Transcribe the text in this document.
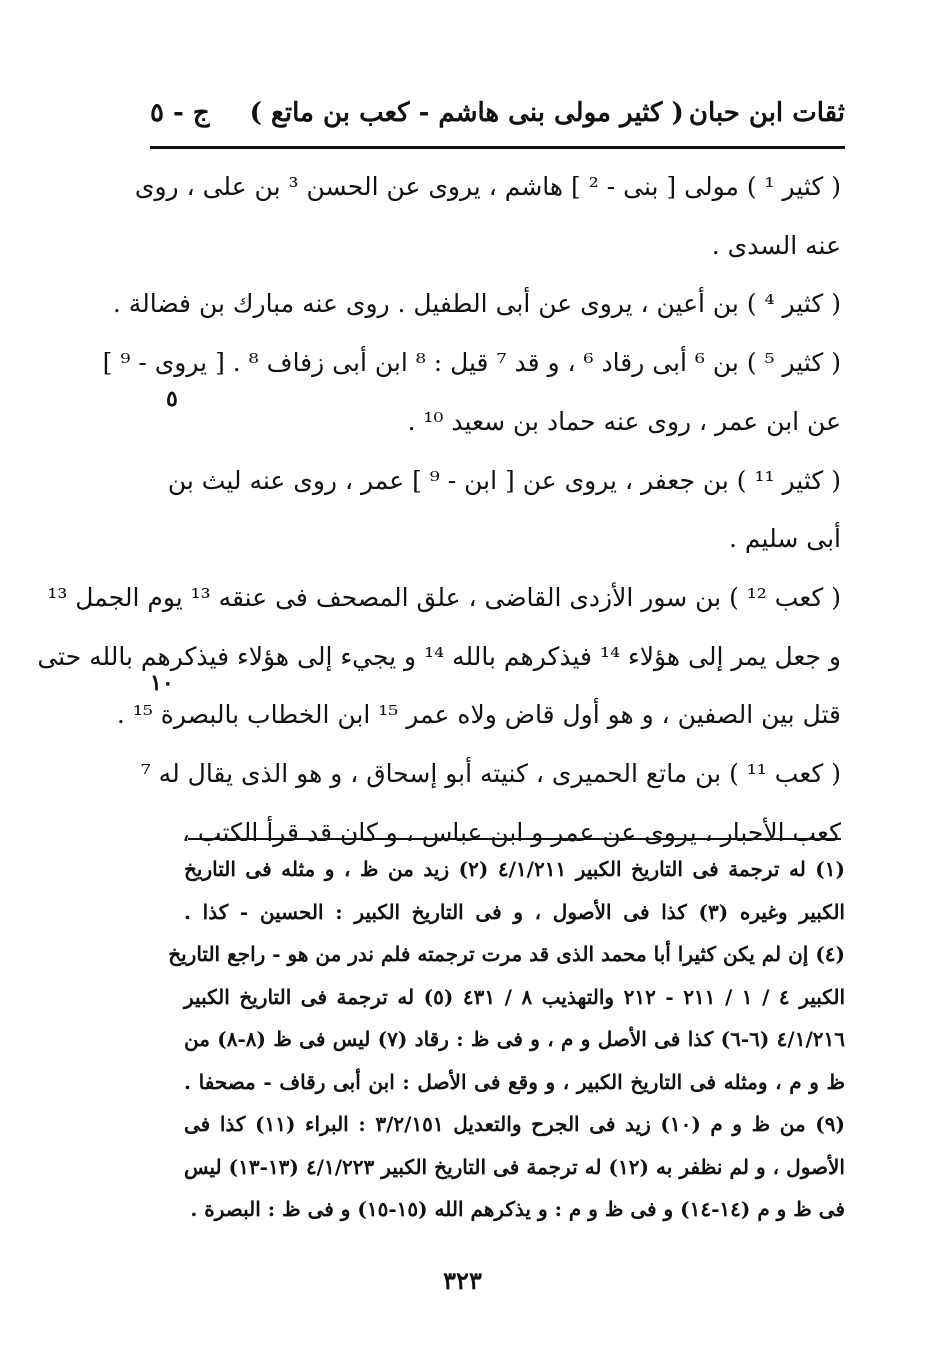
ثقات ابن حبان
( كثير مولى بنى هاشم - كعب بن ماتع )
ج - ٥
( كثير ¹ ) مولى [ بنى - ² ] هاشم ، يروى عن الحسن ³ بن على ، روى
عنه السدى .
( كثير ⁴ ) بن أعين ، يروى عن أبى الطفيل . روى عنه مبارك بن فضالة .
( كثير ⁵ ) بن ⁶ أبى رقاد ⁶ ، و قد ⁷ قيل : ⁸ ابن أبى زفاف ⁸ . [ يروى - ⁹ ]
عن ابن عمر ، روى عنه حماد بن سعيد ¹⁰ .
( كثير ¹¹ ) بن جعفر ، يروى عن [ ابن - ⁹ ] عمر ، روى عنه ليث بن
أبى سليم .
( كعب ¹² ) بن سور الأزدى القاضى ، علق المصحف فى عنقه ¹³ يوم الجمل ¹³
و جعل يمر إلى هؤلاء ¹⁴ فيذكرهم بالله ¹⁴ و يجيء إلى هؤلاء فيذكرهم بالله حتى
قتل بين الصفين ، و هو أول قاض ولاه عمر ¹⁵ ابن الخطاب بالبصرة ¹⁵ .
( كعب ¹¹ ) بن ماتع الحميرى ، كنيته أبو إسحاق ، و هو الذى يقال له ⁷
كعب الأحبار ، يروى عن عمر و ابن عباس ، و كان قد قرأ الكتب ،
٥
١٠
(١) له ترجمة فى التاريخ الكبير ٤/١/٢١١ (٢) زيد من ظ ، و مثله فى التاريخ
الكبير وغيره (٣) كذا فى الأصول ، و فى التاريخ الكبير : الحسين - كذا .
(٤) إن لم يكن كثيرا أبا محمد الذى قد مرت ترجمته فلم ندر من هو - راجع التاريخ
الكبير ٤ / ١ / ٢١١ - ٢١٢ والتهذيب ٨ / ٤٣١ (٥) له ترجمة فى التاريخ الكبير
٤/١/٢١٦ (٦-٦) كذا فى الأصل و م ، و فى ظ : رقاد (٧) ليس فى ظ (٨-٨) من
ظ و م ، ومثله فى التاريخ الكبير ، و وقع فى الأصل : ابن أبى رقاف - مصحفا .
(٩) من ظ و م (١٠) زيد فى الجرح والتعديل ٣/٢/١٥١ : البراء (١١) كذا فى
الأصول ، و لم نظفر به (١٢) له ترجمة فى التاريخ الكبير ٤/١/٢٢٣ (١٣-١٣) ليس
فى ظ و م (١٤-١٤) و فى ظ و م : و يذكرهم الله (١٥-١٥) و فى ظ : البصرة .
٣٢٣
